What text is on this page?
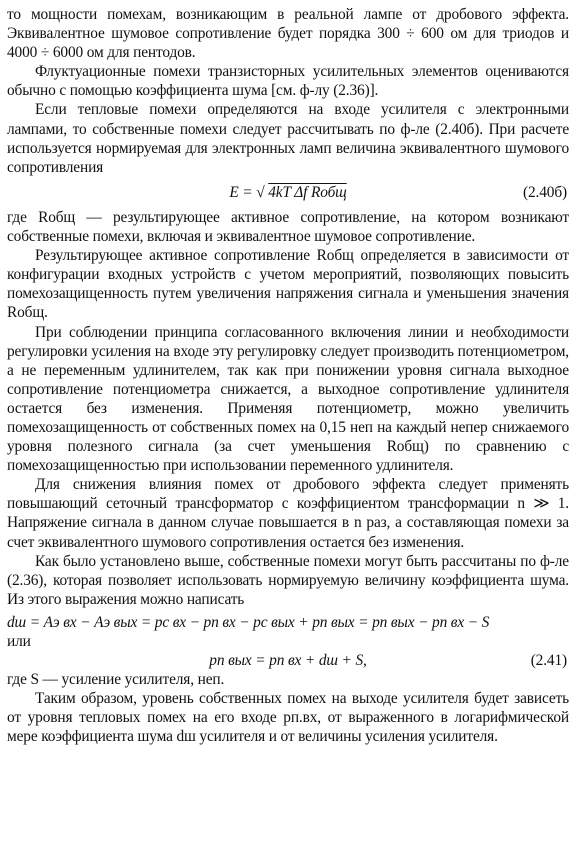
то мощности помехам, возникающим в реальной лампе от дробового эффекта. Эквивалентное шумовое сопротивление будет порядка 300 ÷ 600 ом для триодов и 4000 ÷ 6000 ом для пентодов.

Флуктуационные помехи транзисторных усилительных элементов оцениваются обычно с помощью коэффициента шума [см. ф-лу (2.36)].

Если тепловые помехи определяются на входе усилителя с электронными лампами, то собственные помехи следует рассчитывать по ф-ле (2.40б). При расчете используется нормируемая для электронных ламп величина эквивалентного шумового сопротивления

E = √ 4kT Δf Rобщ	(2.40б)

где Rобщ — результирующее активное сопротивление, на котором возникают собственные помехи, включая и эквивалентное шумовое сопротивление.

Результирующее активное сопротивление Rобщ определяется в зависимости от конфигурации входных устройств с учетом мероприятий, позволяющих повысить помехозащищенность путем увеличения напряжения сигнала и уменьшения значения Rобщ.

При соблюдении принципа согласованного включения линии и необходимости регулировки усиления на входе эту регулировку следует производить потенциометром, а не переменным удлинителем, так как при понижении уровня сигнала выходное сопротивление потенциометра снижается, а выходное сопротивление удлинителя остается без изменения. Применяя потенциометр, можно увеличить помехозащищенность от собственных помех на 0,15 неп на каждый непер снижаемого уровня полезного сигнала (за счет уменьшения Rобщ) по сравнению с помехозащищенностью при использовании переменного удлинителя.

Для снижения влияния помех от дробового эффекта следует применять повышающий сеточный трансформатор с коэффициентом трансформации n ≫ 1. Напряжение сигнала в данном случае повышается в n раз, а составляющая помехи за счет эквивалентного шумового сопротивления остается без изменения.

Как было установлено выше, собственные помехи могут быть рассчитаны по ф-ле (2.36), которая позволяет использовать нормируемую величину коэффициента шума. Из этого выражения можно написать

dш = Aэ вх − Aэ вых = pс вх − pп вх − pс вых + pп вых = pп вых − pп вх − S

или

pп вых = pп вх + dш + S,	(2.41)

где S — усиление усилителя, неп.

Таким образом, уровень собственных помех на выходе усилителя будет зависеть от уровня тепловых помех на его входе pп.вх, от выраженного в логарифмической мере коэффициента шума dш усилителя и от величины усиления усилителя.
